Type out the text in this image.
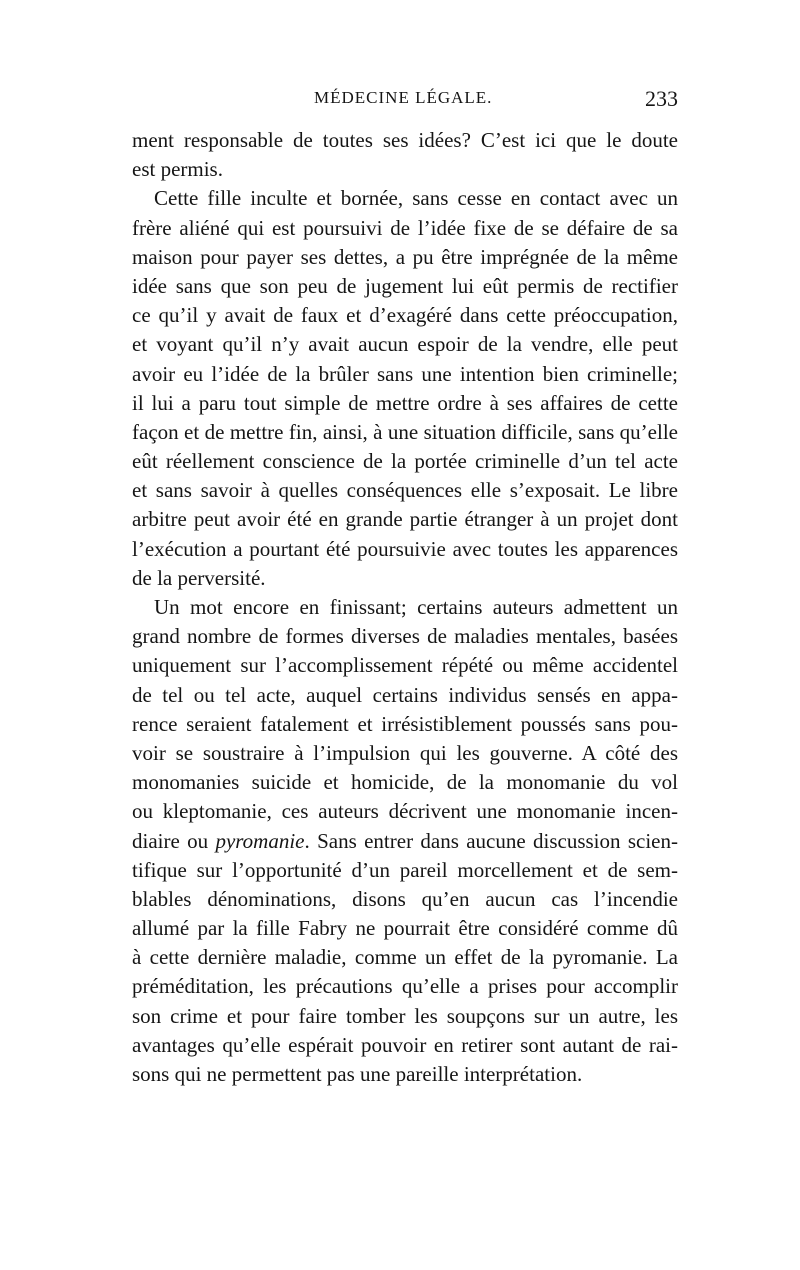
MÉDECINE LÉGALE.	233
ment responsable de toutes ses idées? C’est ici que le doute
est permis.
Cette fille inculte et bornée, sans cesse en contact avec un
frère aliéné qui est poursuivi de l’idée fixe de se défaire de sa
maison pour payer ses dettes, a pu être imprégnée de la même
idée sans que son peu de jugement lui eût permis de rectifier
ce qu’il y avait de faux et d’exagéré dans cette préoccupation,
et voyant qu’il n’y avait aucun espoir de la vendre, elle peut
avoir eu l’idée de la brûler sans une intention bien criminelle;
il lui a paru tout simple de mettre ordre à ses affaires de cette
façon et de mettre fin, ainsi, à une situation difficile, sans qu’elle
eût réellement conscience de la portée criminelle d’un tel acte
et sans savoir à quelles conséquences elle s’exposait. Le libre
arbitre peut avoir été en grande partie étranger à un projet dont
l’exécution a pourtant été poursuivie avec toutes les apparences
de la perversité.
Un mot encore en finissant; certains auteurs admettent un
grand nombre de formes diverses de maladies mentales, basées
uniquement sur l’accomplissement répété ou même accidentel
de tel ou tel acte, auquel certains individus sensés en appa-
rence seraient fatalement et irrésistiblement poussés sans pou-
voir se soustraire à l’impulsion qui les gouverne. A côté des
monomanies suicide et homicide, de la monomanie du vol
ou kleptomanie, ces auteurs décrivent une monomanie incen-
diaire ou pyromanie. Sans entrer dans aucune discussion scien-
tifique sur l’opportunité d’un pareil morcellement et de sem-
blables dénominations, disons qu’en aucun cas l’incendie
allumé par la fille Fabry ne pourrait être considéré comme dû
à cette dernière maladie, comme un effet de la pyromanie. La
préméditation, les précautions qu’elle a prises pour accomplir
son crime et pour faire tomber les soupçons sur un autre, les
avantages qu’elle espérait pouvoir en retirer sont autant de rai-
sons qui ne permettent pas une pareille interprétation.
